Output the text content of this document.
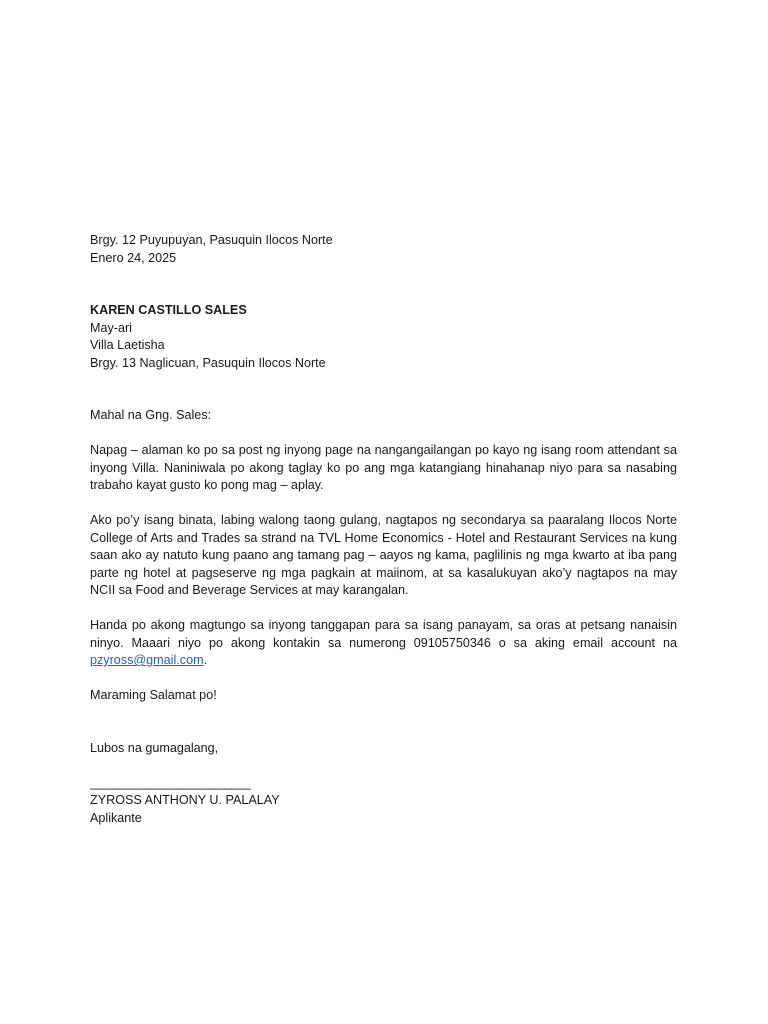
Brgy. 12 Puyupuyan, Pasuquin Ilocos Norte
Enero 24, 2025
KAREN CASTILLO SALES
May-ari
Villa Laetisha
Brgy. 13 Naglicuan, Pasuquin Ilocos Norte
Mahal na Gng. Sales:

Napag – alaman ko po sa post ng inyong page na nangangailangan po kayo ng isang room attendant sa inyong Villa. Naniniwala po akong taglay ko po ang mga katangiang hinahanap niyo para sa nasabing trabaho kayat gusto ko pong mag – aplay.

Ako po’y isang binata, labing walong taong gulang, nagtapos ng secondarya sa paaralang Ilocos Norte College of Arts and Trades sa strand na TVL Home Economics - Hotel and Restaurant Services na kung saan ako ay natuto kung paano ang tamang pag – aayos ng kama, paglilinis ng mga kwarto at iba pang parte ng hotel at pagseserve ng mga pagkain at maiinom, at sa kasalukuyan ako’y nagtapos na may NCII sa Food and Beverage Services at may karangalan.

Handa po akong magtungo sa inyong tanggapan para sa isang panayam, sa oras at petsang nanaisin ninyo. Maaari niyo po akong kontakin sa numerong 09105750346 o sa aking email account na pzyross@gmail.com.

Maraming Salamat po!
Lubos na gumagalang,
_________________________
ZYROSS ANTHONY U. PALALAY
Aplikante
